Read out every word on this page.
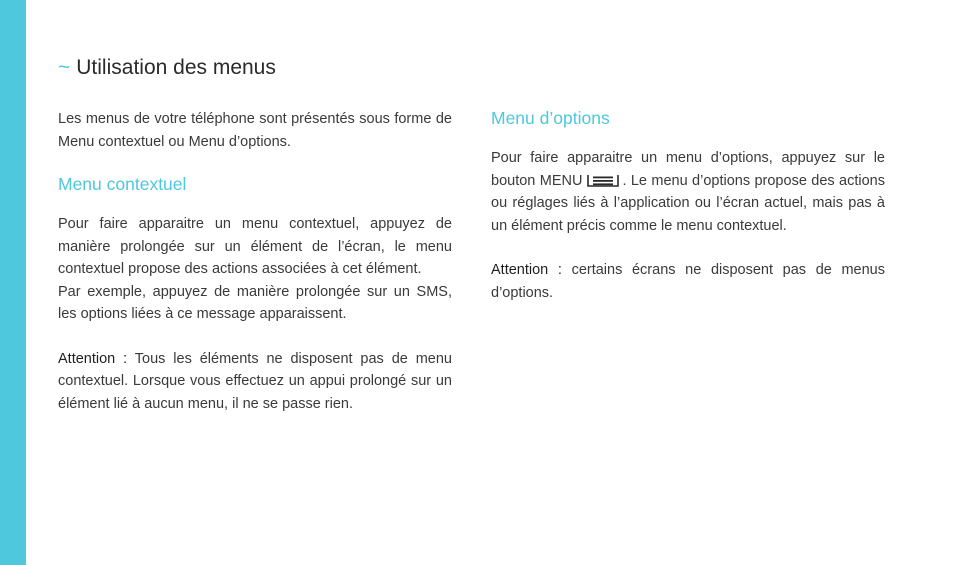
~ Utilisation des menus

Les menus de votre téléphone sont présentés sous forme de Menu contextuel ou Menu d’options.

Menu contextuel

Pour faire apparaitre un menu contextuel, appuyez de manière prolongée sur un élément de l’écran, le menu contextuel propose des actions associées à cet élément.

Par exemple, appuyez de manière prolongée sur un SMS, les options liées à ce message apparaissent.

Attention : Tous les éléments ne disposent pas de menu contextuel. Lorsque vous effectuez un appui prolongé sur un élément lié à aucun menu, il ne se passe rien.

Menu d’options

Pour faire apparaitre un menu d’options, appuyez sur le bouton MENU	. Le menu d’options propose des actions ou réglages liés à l’application ou l’écran actuel, mais pas à un élément précis comme le menu contextuel.

Attention : certains écrans ne disposent pas de menus d’options.
